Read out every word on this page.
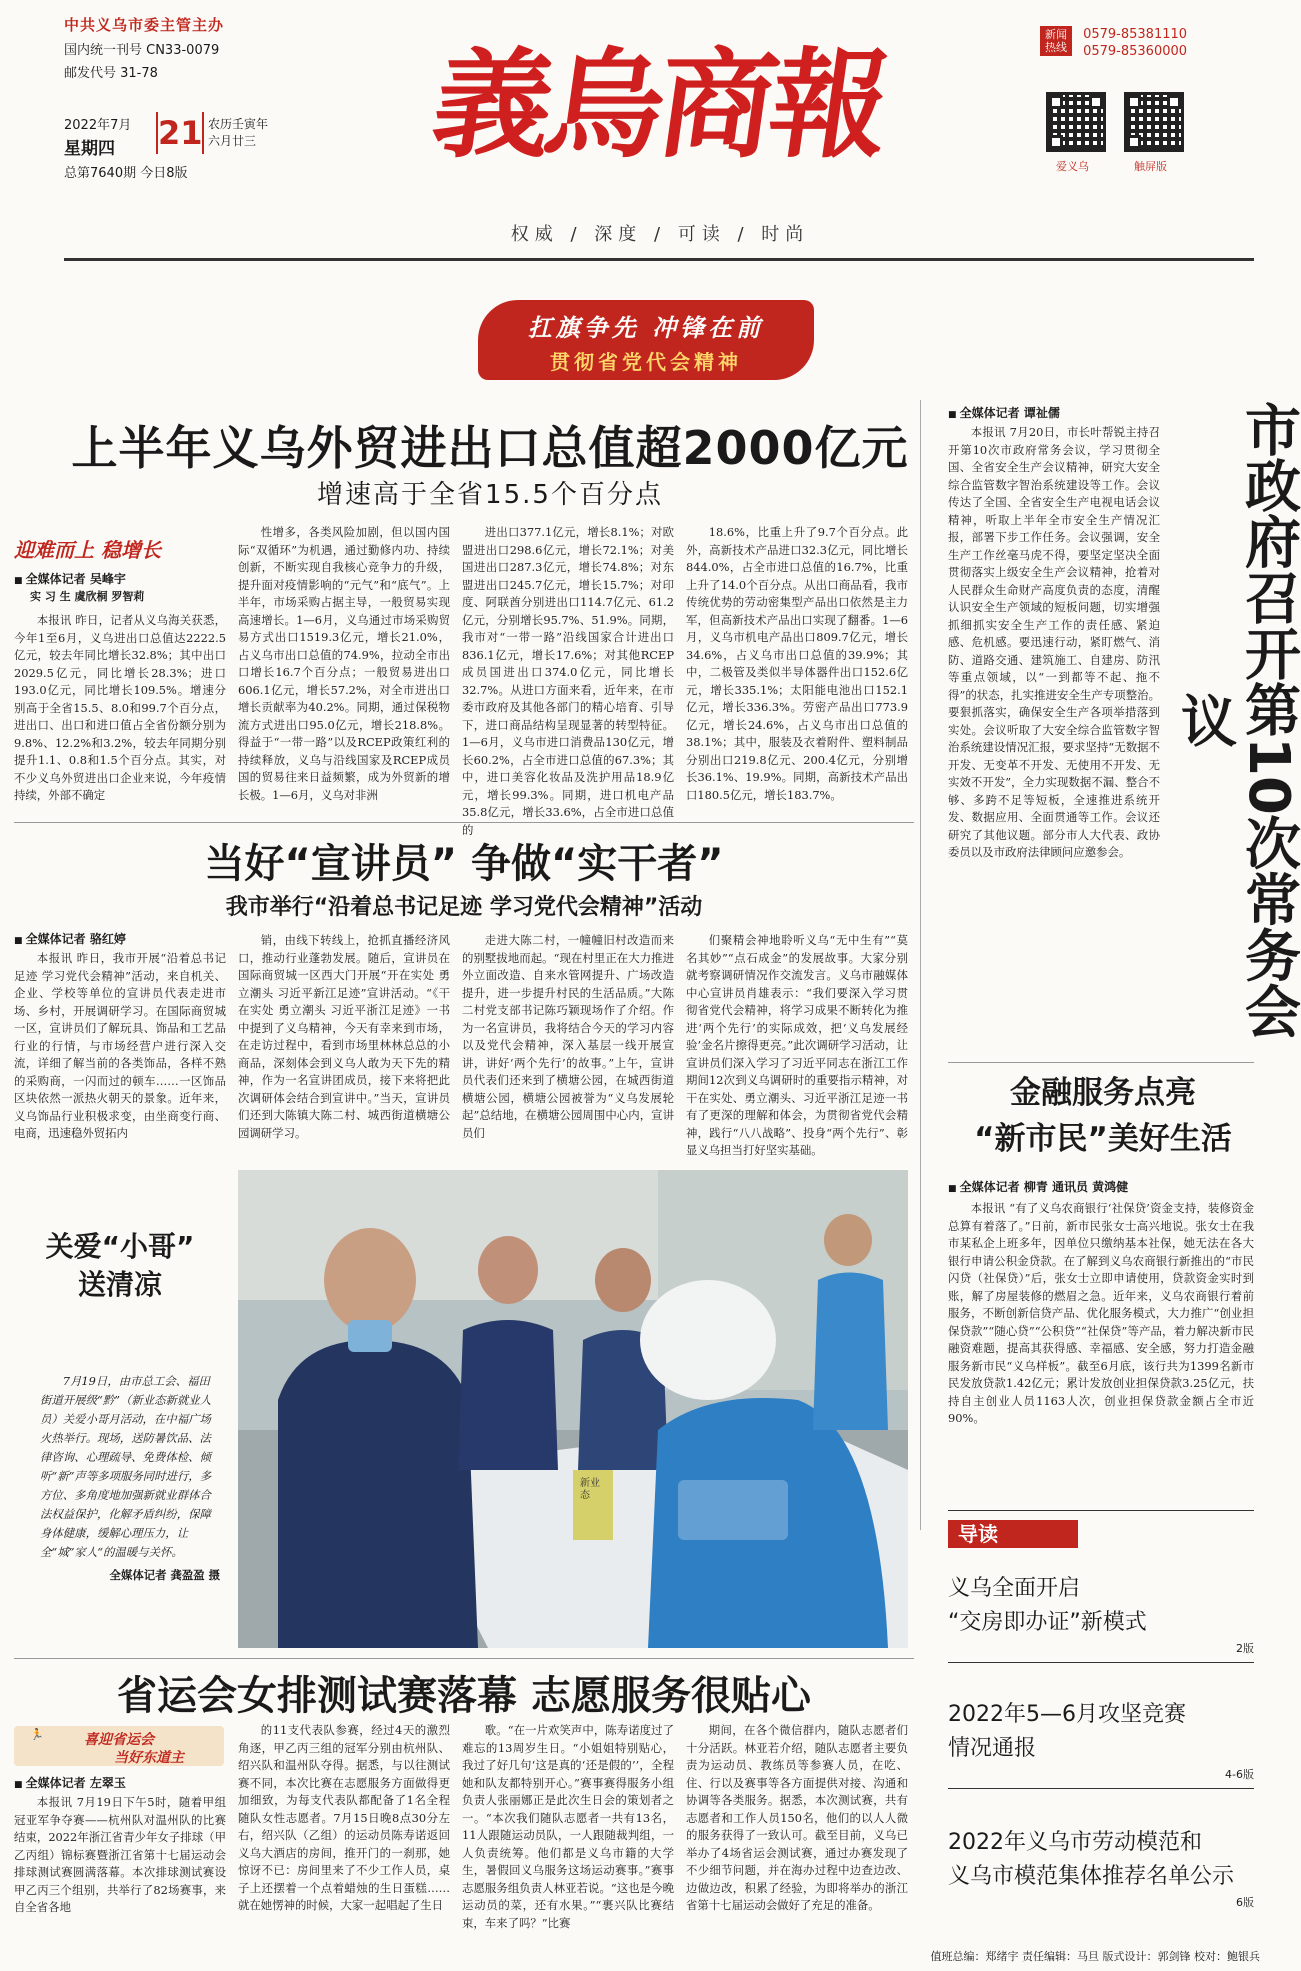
中共义乌市委主管主办
国内统一刊号 CN33-0079
邮发代号 31-78
2022年7月
星期四 21 农历壬寅年
六月廿三
总第7640期 今日8版 義烏商報
权威 / 深度 / 可读 / 时尚
新闻热线
0579-85381110
0579-85360000
爱义乌	触屏版
扛旗争先 冲锋在前
贯彻省党代会精神
上半年义乌外贸进出口总值超2000亿元
增速高于全省15.5个百分点
迎难而上 稳增长
■ 全媒体记者 吴峰宇
实 习 生 虞欣桐 罗智莉

本报讯 昨日，记者从义乌海关获悉，今年1至6月，义乌进出口总值达2222.5亿元，较去年同比增长32.8%；其中出口2029.5亿元，同比增长28.3%；进口193.0亿元，同比增长109.5%。增速分别高于全省15.5、8.0和99.7个百分点，进出口、出口和进口值占全省份额分别为9.8%、12.2%和3.2%，较去年同期分别提升1.1、0.8和1.5个百分点。其实，对不少义乌外贸进出口企业来说，今年疫情持续，外部不确定

性增多，各类风险加剧，但以国内国际“双循环”为机遇，通过勤修内功、持续创新，不断实现自我核心竞争力的升级，提升面对疫情影响的“元气”和“底气”。上半年，市场采购占据主导，一般贸易实现高速增长。1—6月，义乌通过市场采购贸易方式出口1519.3亿元，增长21.0%，占义乌市出口总值的74.9%，拉动全市出口增长16.7个百分点；一般贸易进出口606.1亿元，增长57.2%，对全市进出口增长贡献率为40.2%。同期，通过保税物流方式进出口95.0亿元，增长218.8%。得益于“一带一路”以及RCEP政策红利的持续释放，义乌与沿线国家及RCEP成员国的贸易往来日益频繁，成为外贸新的增长极。1—6月，义乌对非洲

进出口377.1亿元，增长8.1%；对欧盟进出口298.6亿元，增长72.1%；对美国进出口287.3亿元，增长74.8%；对东盟进出口245.7亿元，增长15.7%；对印度、阿联酋分别进出口114.7亿元、61.2亿元，分别增长95.7%、51.9%。同期，我市对“一带一路”沿线国家合计进出口836.1亿元，增长17.6%；对其他RCEP成员国进出口374.0亿元，同比增长32.7%。从进口方面来看，近年来，在市委市政府及其他各部门的精心培育、引导下，进口商品结构呈现显著的转型特征。1—6月，义乌市进口消费品130亿元，增长60.2%，占全市进口总值的67.3%；其中，进口美容化妆品及洗护用品18.9亿元，增长99.3%。同期，进口机电产品35.8亿元，增长33.6%，占全市进口总值的

18.6%，比重上升了9.7个百分点。此外，高新技术产品进口32.3亿元，同比增长844.0%，占全市进口总值的16.7%，比重上升了14.0个百分点。从出口商品看，我市传统优势的劳动密集型产品出口依然是主力军，但高新技术产品出口实现了翻番。1—6月，义乌市机电产品出口809.7亿元，增长34.6%，占义乌市出口总值的39.9%；其中，二极管及类似半导体器件出口152.6亿元，增长335.1%；太阳能电池出口152.1亿元，增长336.3%。劳密产品出口773.9亿元，增长24.6%，占义乌市出口总值的38.1%；其中，服装及衣着附件、塑料制品分别出口219.8亿元、200.4亿元，分别增长36.1%、19.9%。同期，高新技术产品出口180.5亿元，增长183.7%。

■ 全媒体记者 谭祉儒

本报讯 7月20日，市长叶帮锐主持召开第10次市政府常务会议，学习贯彻全国、全省安全生产会议精神，研究大安全综合监管数字智治系统建设等工作。会议传达了全国、全省安全生产电视电话会议精神，听取上半年全市安全生产情况汇报，部署下步工作任务。会议强调，安全生产工作丝毫马虎不得，要坚定坚决全面贯彻落实上级安全生产会议精神，抢着对人民群众生命财产高度负责的态度，清醒认识安全生产领域的短板问题，切实增强抓细抓实安全生产工作的责任感、紧迫感、危机感。要迅速行动，紧盯燃气、消防、道路交通、建筑施工、自建房、防汛等重点领域，以“一到都等不起、拖不得”的状态，扎实推进安全生产专项整治。要狠抓落实，确保安全生产各项举措落到实处。会议听取了大安全综合监管数字智治系统建设情况汇报，要求坚持“无数据不开发、无变革不开发、无使用不开发、无实效不开发”，全力实现数据不漏、整合不够、多跨不足等短板，全速推进系统开发、数据应用、全面贯通等工作。会议还研究了其他议题。部分市人大代表、政协委员以及市政府法律顾问应邀参会。	市政府召开第10次常务会议
当好“宣讲员” 争做“实干者”
我市举行“沿着总书记足迹 学习党代会精神”活动
■ 全媒体记者 骆红婷

本报讯 昨日，我市开展“沿着总书记足迹 学习党代会精神”活动，来自机关、企业、学校等单位的宣讲员代表走进市场、乡村，开展调研学习。在国际商贸城一区，宣讲员们了解玩具、饰品和工艺品行业的行情，与市场经营户进行深入交流，详细了解当前的各类饰品，各样不熟的采购商，一闪而过的顿车……一区饰品区块依然一派热火朝天的景象。近年来，义乌饰品行业积极求变，由坐商变行商、电商，迅速稳外贸拓内

销，由线下转线上，抢抓直播经济风口，推动行业蓬勃发展。随后，宣讲员在国际商贸城一区西大门开展“开在实处 勇立潮头 习近平新江足迹”宣讲活动。“《干在实处 勇立潮头 习近平浙江足迹》一书中提到了义乌精神，今天有幸来到市场，在走访过程中，看到市场里林林总总的小商品，深刻体会到义乌人敢为天下先的精神，作为一名宣讲团成员，接下来将把此次调研体会结合到宣讲中。”当天，宣讲员们还到大陈镇大陈二村、城西街道横塘公园调研学习。

走进大陈二村，一幢幢旧村改造而来的别墅拔地而起。“现在村里正在大力推进外立面改造、自来水管网提升、广场改造提升，进一步提升村民的生活品质。”大陈二村党支部书记陈巧颖现场作了介绍。作为一名宣讲员，我将结合今天的学习内容以及党代会精神，深入基层一线开展宣讲，讲好‘两个先行’的故事。”上午，宣讲员代表们还来到了横塘公园，在城西街道横塘公园，横塘公园被誉为“义乌发展轮起”总结地，在横塘公园周围中心内，宣讲员们

们聚精会神地聆听义乌“无中生有”“莫名其妙”“点石成金”的发展故事。大家分别就考察调研情况作交流发言。义乌市融媒体中心宣讲员肖雄表示：“我们要深入学习贯彻省党代会精神，将学习成果不断转化为推进‘两个先行’的实际成效，把‘义乌发展经验’金名片擦得更亮。”此次调研学习活动，让宣讲员们深入学习了习近平同志在浙江工作期间12次到义乌调研时的重要指示精神，对干在实处、勇立潮头、习近平浙江足迹一书有了更深的理解和体会，为贯彻省党代会精神，践行“八八战略”、投身“两个先行”、彰显义乌担当打好坚实基础。

关爱“小哥”
送清凉
7月19日，由市总工会、福田街道开展级“黔”（新业态新就业人员）关爱小哥月活动，在中福广场火热举行。现场，送防暑饮品、法律咨询、心理疏导、免费体检、倾听“新”声等多项服务同时进行，多方位、多角度地加强新就业群体合法权益保护，化解矛盾纠纷，保障身体健康，缓解心理压力，让全“城”家人“的温暖与关怀。
全媒体记者 龚盈盈 摄
新业态
金融服务点亮
“新市民”美好生活
■ 全媒体记者 柳青 通讯员 黄鸿健

本报讯 “有了义乌农商银行‘社保贷’资金支持，装修资金总算有着落了。”日前，新市民张女士高兴地说。张女士在我市某私企上班多年，因单位只缴纳基本社保，她无法在各大银行申请公积金贷款。在了解到义乌农商银行新推出的“市民闪贷（社保贷）”后，张女士立即申请使用，贷款资金实时到账，解了房屋装修的燃眉之急。近年来，义乌农商银行着前服务，不断创新信贷产品、优化服务模式，大力推广“创业担保贷款”“随心贷”“公积贷”“社保贷”等产品，着力解决新市民融资难题，提高其获得感、幸福感、安全感，努力打造金融服务新市民“义乌样板”。截至6月底，该行共为1399名新市民发放贷款1.42亿元；累计发放创业担保贷款3.25亿元，扶持自主创业人员1163人次，创业担保贷款金额占全市近90%。

导读
义乌全面开启
“交房即办证”新模式
2版
2022年5—6月攻坚竞赛
情况通报
4-6版
2022年义乌市劳动模范和
义乌市模范集体推荐名单公示
6版
省运会女排测试赛落幕 志愿服务很贴心
🏃	喜迎省运会
当好东道主
■ 全媒体记者 左翠玉

本报讯 7月19日下午5时，随着甲组冠亚军争夺赛——杭州队对温州队的比赛结束，2022年浙江省青少年女子排球（甲乙丙组）锦标赛暨浙江省第十七届运动会排球测试赛圆满落幕。本次排球测试赛设甲乙丙三个组别，共举行了82场赛事，来自全省各地

的11支代表队参赛，经过4天的激烈角逐，甲乙丙三组的冠军分别由杭州队、绍兴队和温州队夺得。据悉，与以往测试赛不同，本次比赛在志愿服务方面做得更加细致，为每支代表队都配备了1名全程随队女性志愿者。7月15日晚8点30分左右，绍兴队（乙组）的运动员陈寿诺返回义乌大酒店的房间，推开门的一刹那，她惊讶不已：房间里来了不少工作人员，桌子上还摆着一个点着蜡烛的生日蛋糕……就在她愣神的时候，大家一起唱起了生日

歌。“在一片欢笑声中，陈寿诺度过了难忘的13周岁生日。“小姐姐特别贴心，我过了好几句‘这是真的‘还是假的’’，全程她和队友都特别开心。”赛事赛得服务小组负责人张丽娜正是此次生日会的策划者之一。“本次我们随队志愿者一共有13名，11人跟随运动员队，一人跟随裁判组，一人负责统筹。他们都是义乌市籍的大学生，暑假回义乌服务这场运动赛事。”赛事志愿服务组负责人林亚若说。“这也是今晚运动员的菜，还有水果。”“裹兴队比赛结束，车来了吗？”比赛

期间，在各个微信群内，随队志愿者们十分活跃。林亚若介绍，随队志愿者主要负责为运动员、教练员等参赛人员，在吃、住、行以及赛事等各方面提供对接、沟通和协调等各类服务。据悉，本次测试赛，共有志愿者和工作人员150名，他们的以人人微的服务获得了一致认可。截至目前，义乌已举办了4场省运会测试赛，通过办赛发现了不少细节问题，并在海办过程中边查边改、边做边改，积累了经验，为即将举办的浙江省第十七届运动会做好了充足的准备。

值班总编：郑绪宇 责任编辑：马旦 版式设计：郭剑锋 校对：鲍银兵
